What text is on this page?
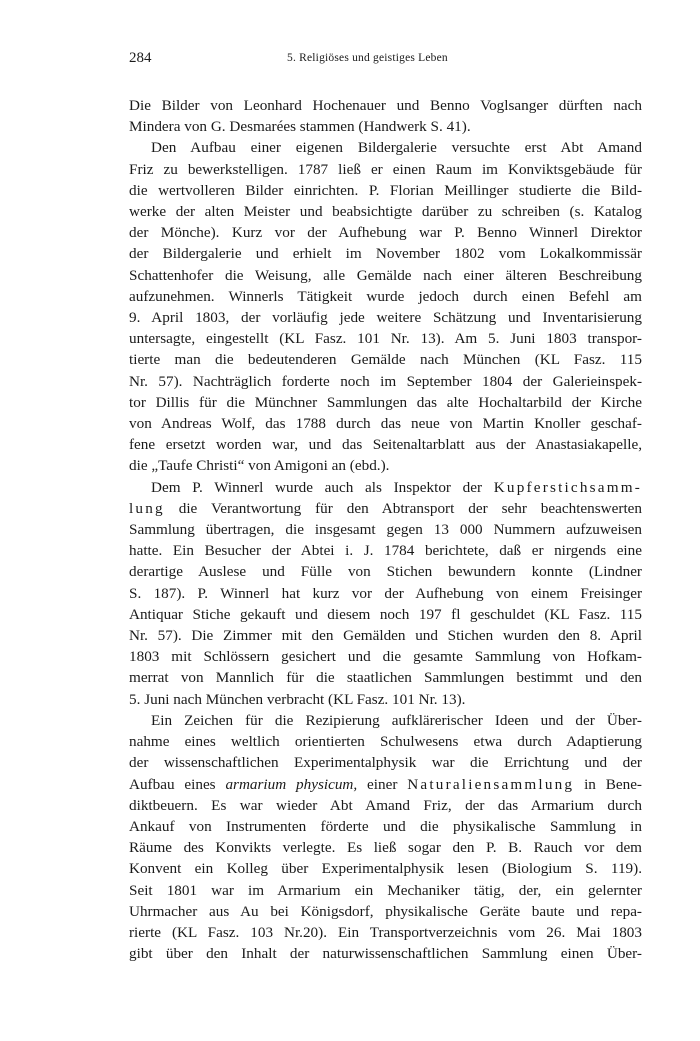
284	5. Religiöses und geistiges Leben
Die Bilder von Leonhard Hochenauer und Benno Voglsanger dürften nach
Mindera von G. Desmarées stammen (Handwerk S. 41).
Den Aufbau einer eigenen Bildergalerie versuchte erst Abt Amand
Friz zu bewerkstelligen. 1787 ließ er einen Raum im Konviktsgebäude für
die wertvolleren Bilder einrichten. P. Florian Meillinger studierte die Bild-
werke der alten Meister und beabsichtigte darüber zu schreiben (s. Katalog
der Mönche). Kurz vor der Aufhebung war P. Benno Winnerl Direktor
der Bildergalerie und erhielt im November 1802 vom Lokalkommissär
Schattenhofer die Weisung, alle Gemälde nach einer älteren Beschreibung
aufzunehmen. Winnerls Tätigkeit wurde jedoch durch einen Befehl am
9. April 1803, der vorläufig jede weitere Schätzung und Inventarisierung
untersagte, eingestellt (KL Fasz. 101 Nr. 13). Am 5. Juni 1803 transpor-
tierte man die bedeutenderen Gemälde nach München (KL Fasz. 115
Nr. 57). Nachträglich forderte noch im September 1804 der Galerieinspek-
tor Dillis für die Münchner Sammlungen das alte Hochaltarbild der Kirche
von Andreas Wolf, das 1788 durch das neue von Martin Knoller geschaf-
fene ersetzt worden war, und das Seitenaltarblatt aus der Anastasiakapelle,
die „Taufe Christi“ von Amigoni an (ebd.).
Dem P. Winnerl wurde auch als Inspektor der Kupferstichsamm-
lung die Verantwortung für den Abtransport der sehr beachtenswerten
Sammlung übertragen, die insgesamt gegen 13 000 Nummern aufzuweisen
hatte. Ein Besucher der Abtei i. J. 1784 berichtete, daß er nirgends eine
derartige Auslese und Fülle von Stichen bewundern konnte (Lindner
S. 187). P. Winnerl hat kurz vor der Aufhebung von einem Freisinger
Antiquar Stiche gekauft und diesem noch 197 fl geschuldet (KL Fasz. 115
Nr. 57). Die Zimmer mit den Gemälden und Stichen wurden den 8. April
1803 mit Schlössern gesichert und die gesamte Sammlung von Hofkam-
merrat von Mannlich für die staatlichen Sammlungen bestimmt und den
5. Juni nach München verbracht (KL Fasz. 101 Nr. 13).
Ein Zeichen für die Rezipierung aufklärerischer Ideen und der Über-
nahme eines weltlich orientierten Schulwesens etwa durch Adaptierung
der wissenschaftlichen Experimentalphysik war die Errichtung und der
Aufbau eines armarium physicum, einer Naturaliensammlung in Bene-
diktbeuern. Es war wieder Abt Amand Friz, der das Armarium durch
Ankauf von Instrumenten förderte und die physikalische Sammlung in
Räume des Konvikts verlegte. Es ließ sogar den P. B. Rauch vor dem
Konvent ein Kolleg über Experimentalphysik lesen (Biologium S. 119).
Seit 1801 war im Armarium ein Mechaniker tätig, der, ein gelernter
Uhrmacher aus Au bei Königsdorf, physikalische Geräte baute und repa-
rierte (KL Fasz. 103 Nr.20). Ein Transportverzeichnis vom 26. Mai 1803
gibt über den Inhalt der naturwissenschaftlichen Sammlung einen Über-
